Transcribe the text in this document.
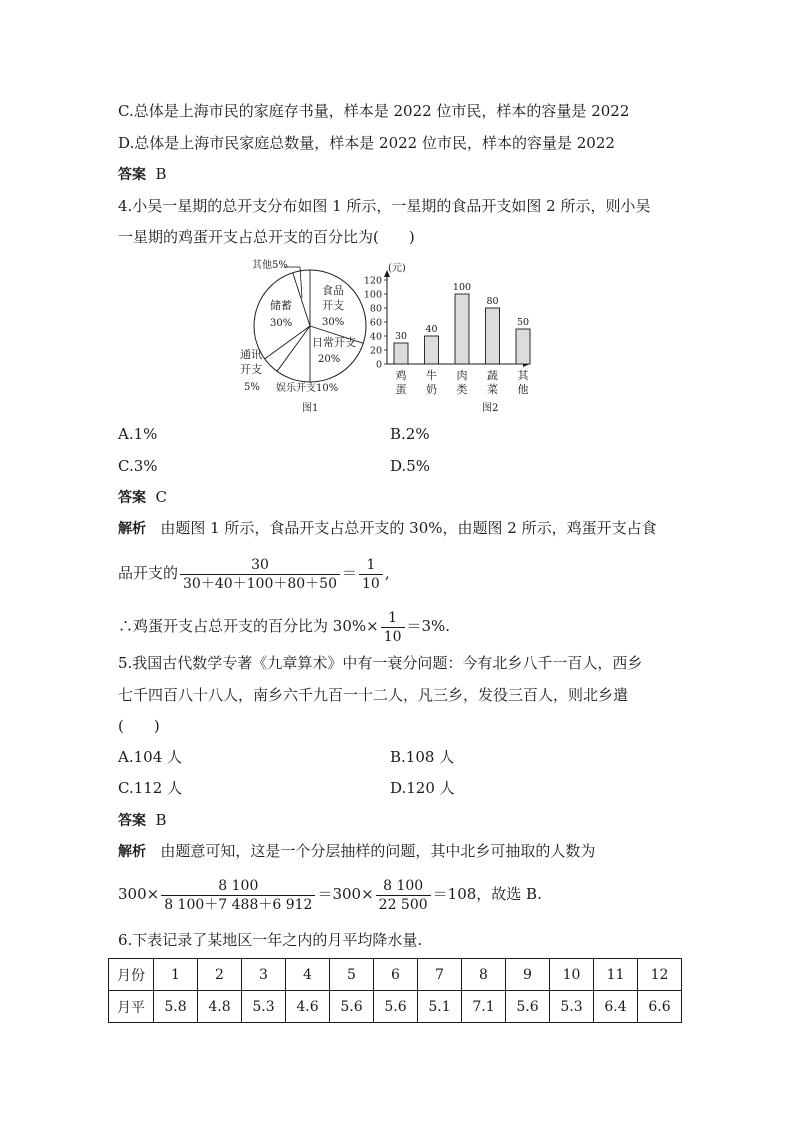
C.总体是上海市民的家庭存书量，样本是 2022 位市民，样本的容量是 2022
D.总体是上海市民家庭总数量，样本是 2022 位市民，样本的容量是 2022
答案 B
4.小吴一星期的总开支分布如图 1 所示，一星期的食品开支如图 2 所示，则小吴
一星期的鸡蛋开支占总开支的百分比为(　　)
其他5%
储蓄
30%
食品
开支
30%
日常开支
20%
通讯
开支
5% 娱乐开支10%
图1
(元)
0
20
40
60
80
100
120
30
40
100
80
50
鸡
蛋
牛
奶
肉
类
蔬
菜
其
他
图2
A.1%	B.2%
C.3%	D.5%
答案 C
解析 由题图 1 所示，食品开支占总开支的 30%，由题图 2 所示，鸡蛋开支占食
品开支的 $\frac{30}{30+40+100+80+50} = \frac{1}{10}$ ,
∴鸡蛋开支占总开支的百分比为 $30\%\times \frac{1}{10} =3\%$.
5.我国古代数学专著《九章算术》中有一衰分问题：今有北乡八千一百人，西乡
七千四百八十八人，南乡六千九百一十二人，凡三乡，发役三百人，则北乡遣
(　　)
A.104 人	B.108 人
C.112 人	D.120 人
答案 B
解析 由题意可知，这是一个分层抽样的问题，其中北乡可抽取的人数为
$300\times \frac{8 100}{8 100+7 488+6 912} =300\times \frac{8 100}{22 500} =108$，故选 B.
6.下表记录了某地区一年之内的月平均降水量.
月份	1	2	3	4	5	6	7	8	9	10	11	12
月平	5.8	4.8	5.3	4.6	5.6	5.6	5.1	7.1	5.6	5.3	6.4	6.6
